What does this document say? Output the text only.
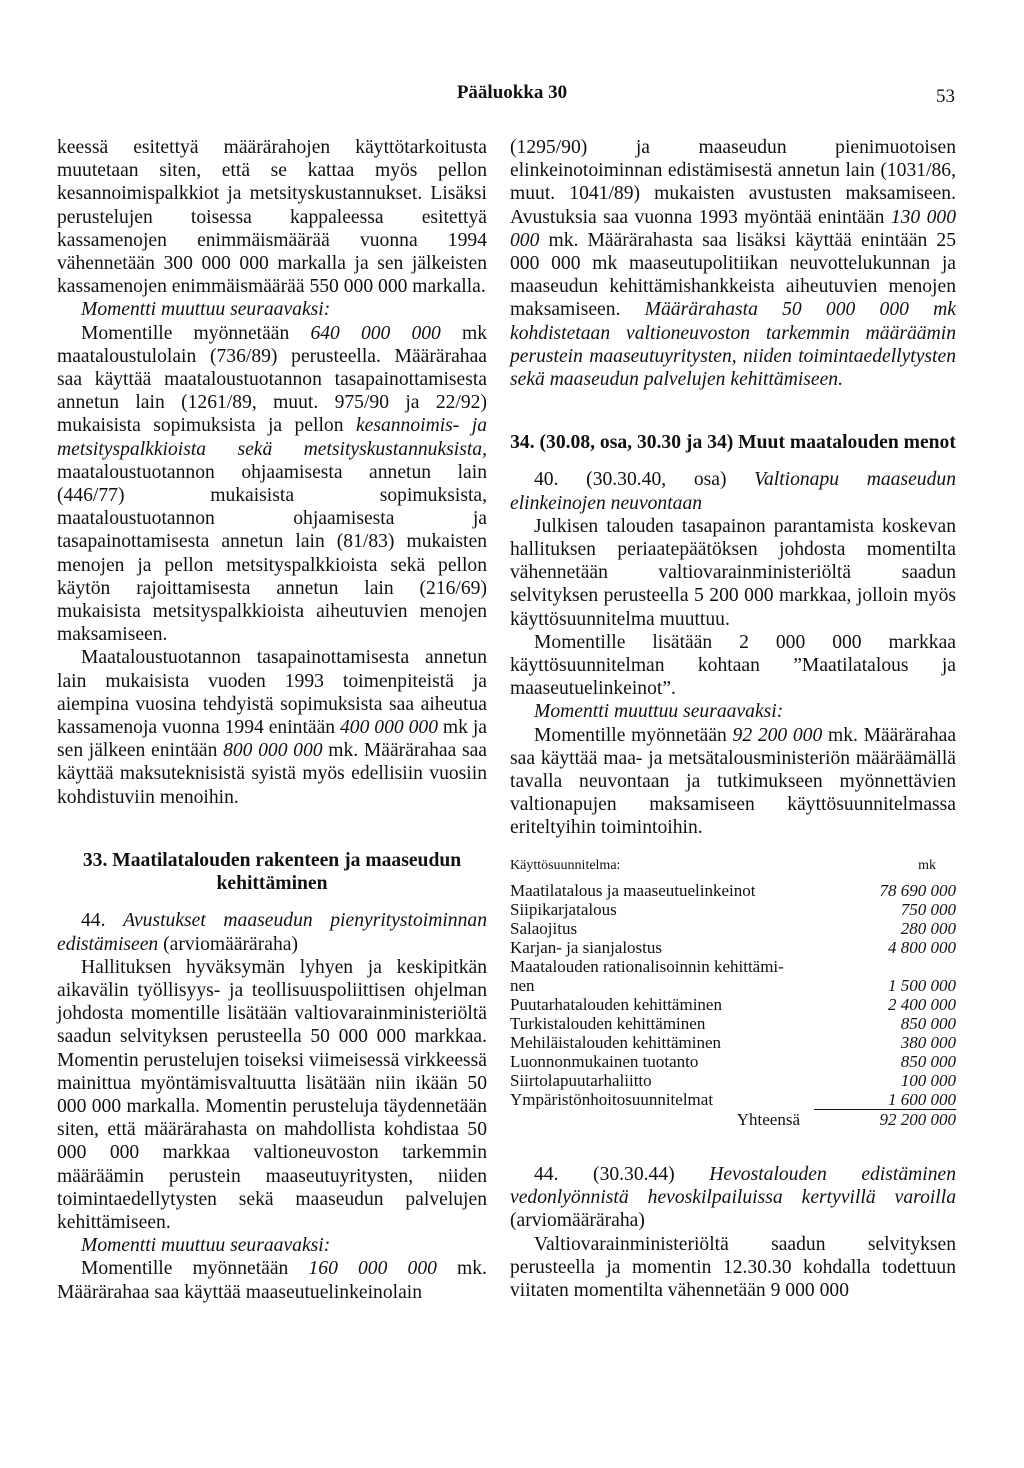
Pääluokka 30	53

keessä esitettyä määrärahojen käyttötarkoitusta muutetaan siten, että se kattaa myös pellon kesannoimispalkkiot ja metsityskustannukset. Lisäksi perustelujen toisessa kappaleessa esitettyä kassamenojen enimmäismäärää vuonna 1994 vähennetään 300 000 000 markalla ja sen jälkeisten kassamenojen enimmäismäärää 550 000 000 markalla.

Momentti muuttuu seuraavaksi:

Momentille myönnetään 640 000 000 mk maataloustulolain (736/89) perusteella. Määrärahaa saa käyttää maataloustuotannon tasapainottamisesta annetun lain (1261/89, muut. 975/90 ja 22/92) mukaisista sopimuksista ja pellon kesannoimis- ja metsityspalkkioista sekä metsityskustannuksista, maataloustuotannon ohjaamisesta annetun lain (446/77) mukaisista sopimuksista, maataloustuotannon ohjaamisesta ja tasapainottamisesta annetun lain (81/83) mukaisten menojen ja pellon metsityspalkkioista sekä pellon käytön rajoittamisesta annetun lain (216/69) mukaisista metsityspalkkioista aiheutuvien menojen maksamiseen.

Maataloustuotannon tasapainottamisesta annetun lain mukaisista vuoden 1993 toimenpiteistä ja aiempina vuosina tehdyistä sopimuksista saa aiheutua kassamenoja vuonna 1994 enintään 400 000 000 mk ja sen jälkeen enintään 800 000 000 mk. Määrärahaa saa käyttää maksuteknisistä syistä myös edellisiin vuosiin kohdistuviin menoihin.

33. Maatilatalouden rakenteen ja maaseudun kehittäminen

44. Avustukset maaseudun pienyritystoiminnan edistämiseen (arviomääräraha)

Hallituksen hyväksymän lyhyen ja keskipitkän aikavälin työllisyys- ja teollisuuspoliittisen ohjelman johdosta momentille lisätään valtiovarainministeriöltä saadun selvityksen perusteella 50 000 000 markkaa. Momentin perustelujen toiseksi viimeisessä virkkeessä mainittua myöntämisvaltuutta lisätään niin ikään 50 000 000 markalla. Momentin perusteluja täydennetään siten, että määrärahasta on mahdollista kohdistaa 50 000 000 markkaa valtioneuvoston tarkemmin määräämin perustein maaseutuyritysten, niiden toimintaedellytysten sekä maaseudun palvelujen kehittämiseen.

Momentti muuttuu seuraavaksi:

Momentille myönnetään 160 000 000 mk. Määrärahaa saa käyttää maaseutuelinkeinolain

(1295/90) ja maaseudun pienimuotoisen elinkeinotoiminnan edistämisestä annetun lain (1031/86, muut. 1041/89) mukaisten avustusten maksamiseen. Avustuksia saa vuonna 1993 myöntää enintään 130 000 000 mk. Määrärahasta saa lisäksi käyttää enintään 25 000 000 mk maaseutupolitiikan neuvottelukunnan ja maaseudun kehittämishankkeista aiheutuvien menojen maksamiseen. Määrärahasta 50 000 000 mk kohdistetaan valtioneuvoston tarkemmin määräämin perustein maaseutuyritysten, niiden toimintaedellytysten sekä maaseudun palvelujen kehittämiseen.

34. (30.08, osa, 30.30 ja 34) Muut maatalouden menot

40. (30.30.40, osa) Valtionapu maaseudun elinkeinojen neuvontaan

Julkisen talouden tasapainon parantamista koskevan hallituksen periaatepäätöksen johdosta momentilta vähennetään valtiovarainministeriöltä saadun selvityksen perusteella 5 200 000 markkaa, jolloin myös käyttösuunnitelma muuttuu.

Momentille lisätään 2 000 000 markkaa käyttösuunnitelman kohtaan ”Maatilatalous ja maaseutuelinkeinot”.

Momentti muuttuu seuraavaksi:

Momentille myönnetään 92 200 000 mk. Määrärahaa saa käyttää maa- ja metsätalousministeriön määräämällä tavalla neuvontaan ja tutkimukseen myönnettävien valtionapujen maksamiseen käyttösuunnitelmassa eriteltyihin toimintoihin.

Käyttösuunnitelma:	mk
Maatilatalous ja maaseutuelinkeinot	78 690 000
Siipikarjatalous	750 000
Salaojitus	280 000
Karjan- ja sianjalostus	4 800 000

Maatalouden rationalisoinnin kehittämi-
nen	1 500 000
Puutarhatalouden kehittäminen	2 400 000
Turkistalouden kehittäminen	850 000
Mehiläistalouden kehittäminen	380 000
Luonnonmukainen tuotanto	850 000
Siirtolapuutarhaliitto	100 000
Ympäristönhoitosuunnitelmat	1 600 000
Yhteensä	92 200 000

44. (30.30.44) Hevostalouden edistäminen vedonlyönnistä hevoskilpailuissa kertyvillä varoilla (arviomääräraha)

Valtiovarainministeriöltä saadun selvityksen perusteella ja momentin 12.30.30 kohdalla todettuun viitaten momentilta vähennetään 9 000 000
